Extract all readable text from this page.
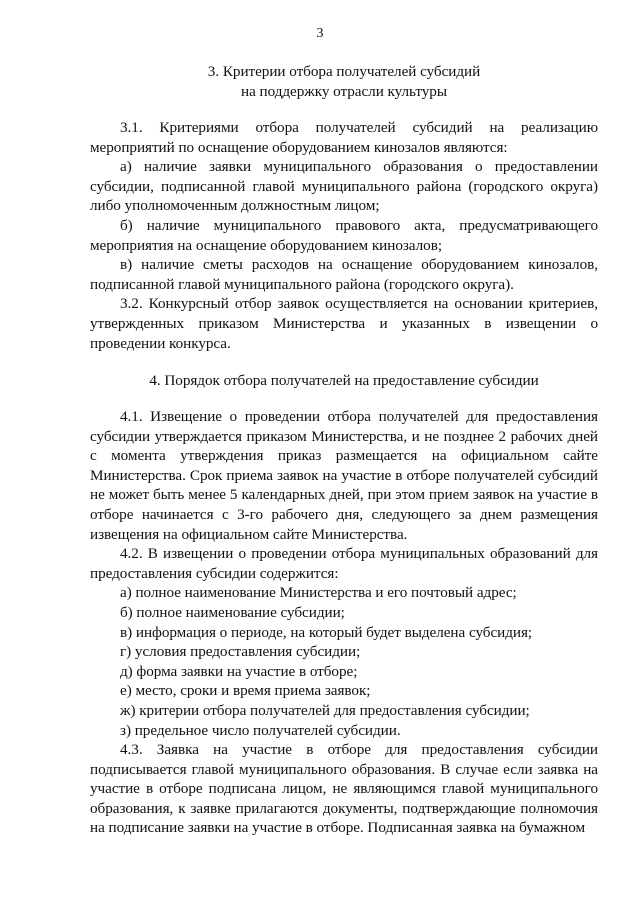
3
3. Критерии отбора получателей субсидий
на поддержку отрасли культуры

3.1. Критериями отбора получателей субсидий на реализацию мероприятий по оснащение оборудованием кинозалов являются:

а) наличие заявки муниципального образования о предоставлении субсидии, подписанной главой муниципального района (городского округа) либо уполномоченным должностным лицом;

б) наличие муниципального правового акта, предусматривающего мероприятия на оснащение оборудованием кинозалов;

в) наличие сметы расходов на оснащение оборудованием кинозалов, подписанной главой муниципального района (городского округа).

3.2. Конкурсный отбор заявок осуществляется на основании критериев, утвержденных приказом Министерства и указанных в извещении о проведении конкурса.

4. Порядок отбора получателей на предоставление субсидии

4.1. Извещение о проведении отбора получателей для предоставления субсидии утверждается приказом Министерства, и не позднее 2 рабочих дней с момента утверждения приказ размещается на официальном сайте Министерства. Срок приема заявок на участие в отборе получателей субсидий не может быть менее 5 календарных дней, при этом прием заявок на участие в отборе начинается с 3-го рабочего дня, следующего за днем размещения извещения на официальном сайте Министерства.

4.2. В извещении о проведении отбора муниципальных образований для предоставления субсидии содержится:

а) полное наименование Министерства и его почтовый адрес;

б) полное наименование субсидии;

в) информация о периоде, на который будет выделена субсидия;

г) условия предоставления субсидии;

д) форма заявки на участие в отборе;

е) место, сроки и время приема заявок;

ж) критерии отбора получателей для предоставления субсидии;

з) предельное число получателей субсидии.

4.3. Заявка на участие в отборе для предоставления субсидии подписывается главой муниципального образования. В случае если заявка на участие в отборе подписана лицом, не являющимся главой муниципального образования, к заявке прилагаются документы, подтверждающие полномочия на подписание заявки на участие в отборе. Подписанная заявка на бумажном
